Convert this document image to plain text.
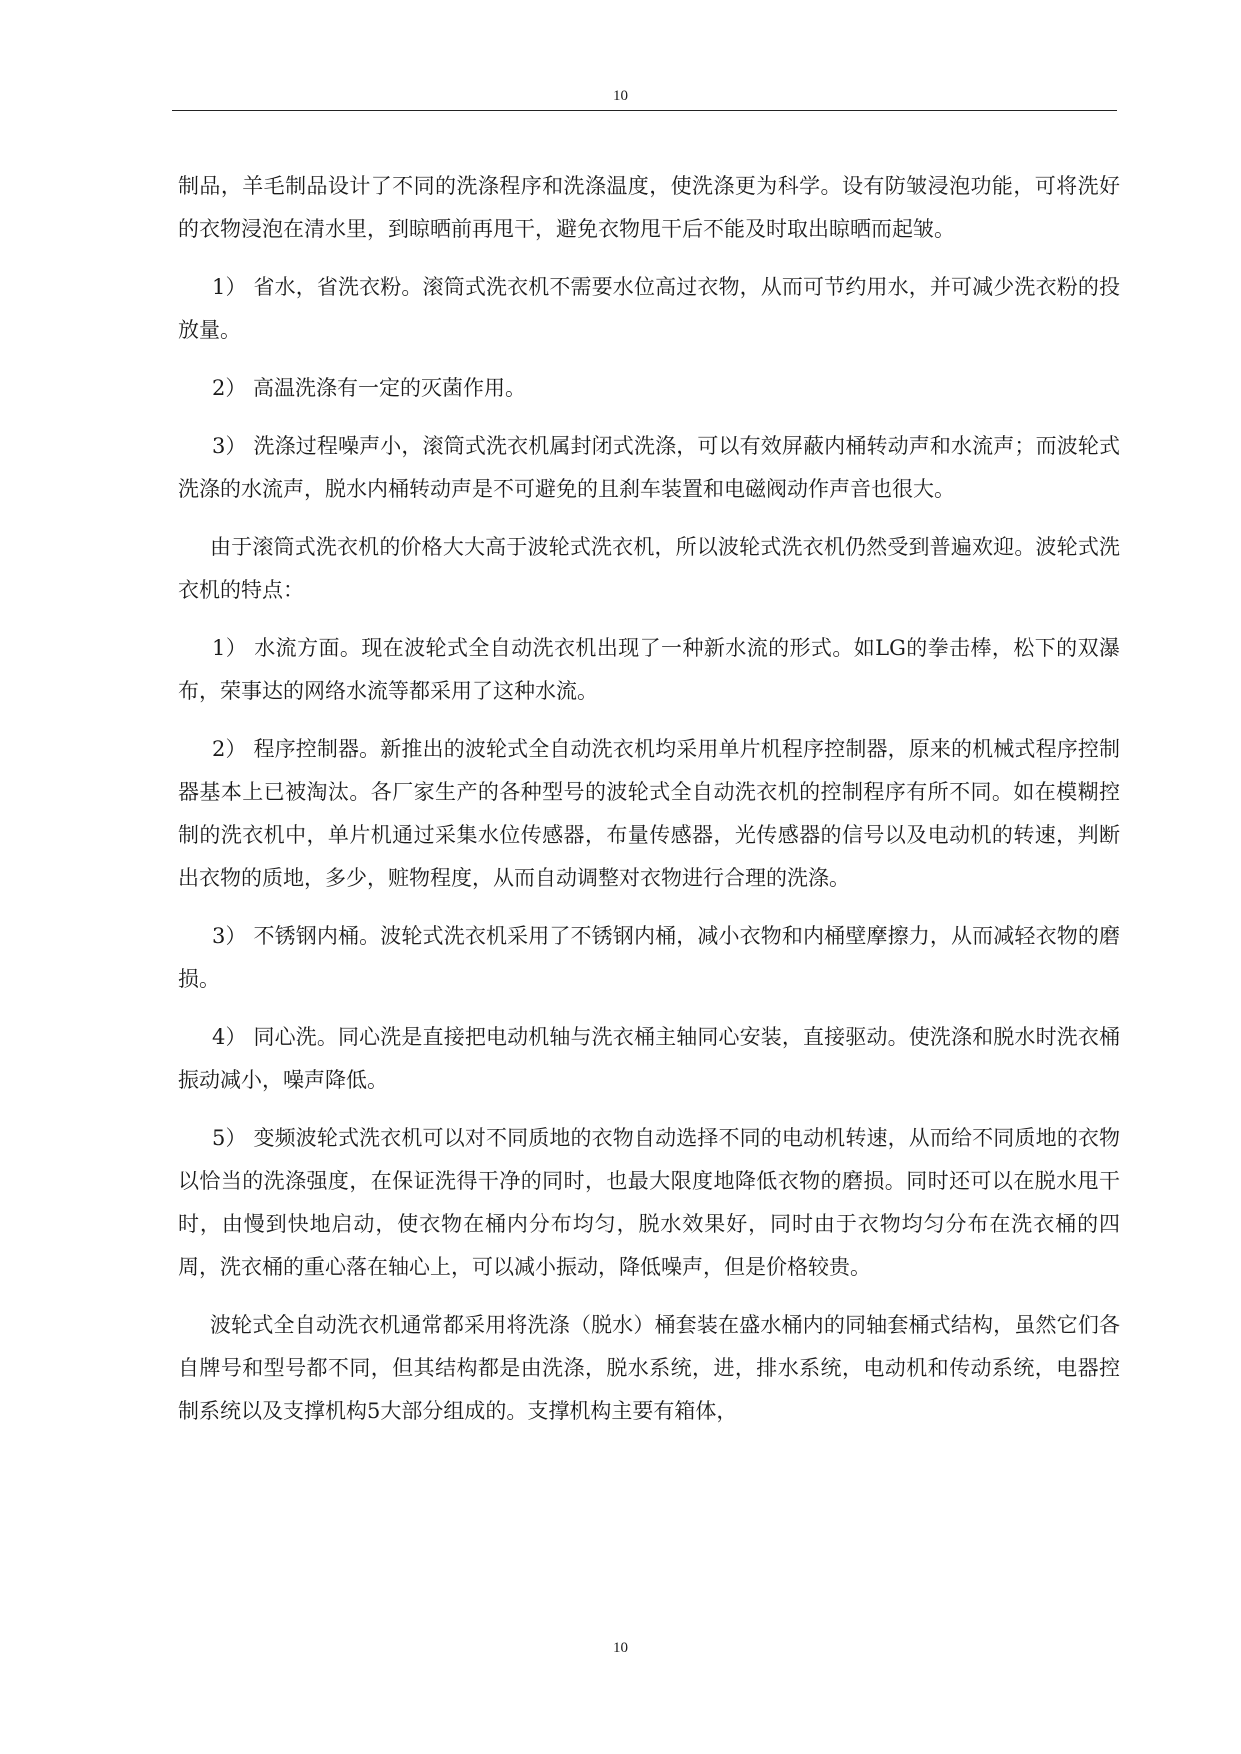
10

制品，羊毛制品设计了不同的洗涤程序和洗涤温度，使洗涤更为科学。设有防皱浸泡功能，可将洗好的衣物浸泡在清水里，到晾晒前再甩干，避免衣物甩干后不能及时取出晾晒而起皱。

1） 省水，省洗衣粉。滚筒式洗衣机不需要水位高过衣物，从而可节约用水，并可减少洗衣粉的投放量。

2） 高温洗涤有一定的灭菌作用。

3） 洗涤过程噪声小，滚筒式洗衣机属封闭式洗涤，可以有效屏蔽内桶转动声和水流声；而波轮式洗涤的水流声，脱水内桶转动声是不可避免的且刹车装置和电磁阀动作声音也很大。

由于滚筒式洗衣机的价格大大高于波轮式洗衣机，所以波轮式洗衣机仍然受到普遍欢迎。波轮式洗衣机的特点：

1） 水流方面。现在波轮式全自动洗衣机出现了一种新水流的形式。如LG的拳击棒，松下的双瀑布，荣事达的网络水流等都采用了这种水流。

2） 程序控制器。新推出的波轮式全自动洗衣机均采用单片机程序控制器，原来的机械式程序控制器基本上已被淘汰。各厂家生产的各种型号的波轮式全自动洗衣机的控制程序有所不同。如在模糊控制的洗衣机中，单片机通过采集水位传感器，布量传感器，光传感器的信号以及电动机的转速，判断出衣物的质地，多少，赃物程度，从而自动调整对衣物进行合理的洗涤。

3） 不锈钢内桶。波轮式洗衣机采用了不锈钢内桶，减小衣物和内桶壁摩擦力，从而减轻衣物的磨损。

4） 同心洗。同心洗是直接把电动机轴与洗衣桶主轴同心安装，直接驱动。使洗涤和脱水时洗衣桶振动减小，噪声降低。

5） 变频波轮式洗衣机可以对不同质地的衣物自动选择不同的电动机转速，从而给不同质地的衣物以恰当的洗涤强度，在保证洗得干净的同时，也最大限度地降低衣物的磨损。同时还可以在脱水甩干时，由慢到快地启动，使衣物在桶内分布均匀，脱水效果好，同时由于衣物均匀分布在洗衣桶的四周，洗衣桶的重心落在轴心上，可以减小振动，降低噪声，但是价格较贵。

波轮式全自动洗衣机通常都采用将洗涤（脱水）桶套装在盛水桶内的同轴套桶式结构，虽然它们各自牌号和型号都不同，但其结构都是由洗涤，脱水系统，进，排水系统，电动机和传动系统，电器控制系统以及支撑机构5大部分组成的。支撑机构主要有箱体，

10
